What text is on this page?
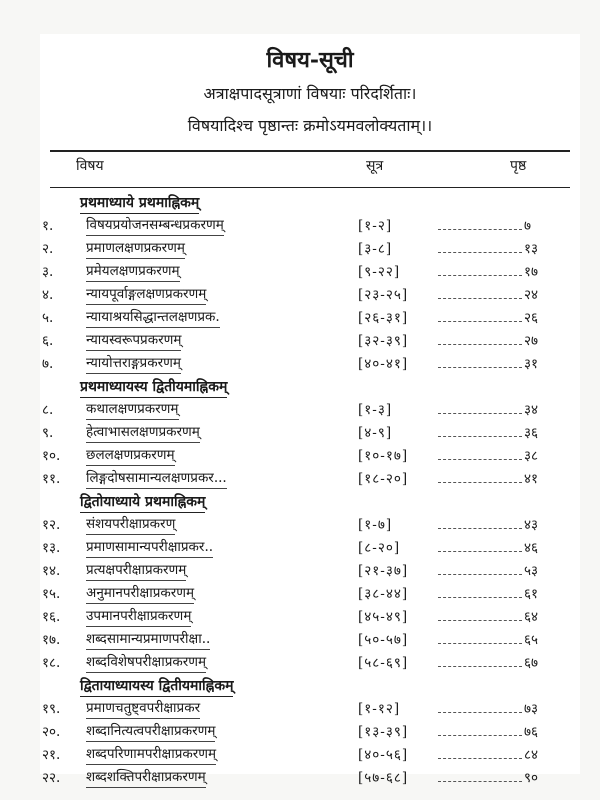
विषय-सूची
अत्राक्षपादसूत्राणां विषयाः परिदर्शिताः।
विषयादिश्च पृष्ठान्तः क्रमोऽयमवलोक्यताम्।।
विषय	सूत्र	पृष्ठ
प्रथमाध्याये प्रथमाह्निकम्
१.	विषयप्रयोजनसम्बन्धप्रकरणम्	[१-२]	७
२.	प्रमाणलक्षणप्रकरणम्	[३-८]	१३
३.	प्रमेयलक्षणप्रकरणम्	[९-२२]	१७
४.	न्यायपूर्वाङ्गलक्षणप्रकरणम्	[२३-२५]	२४
५.	न्यायाश्रयसिद्धान्तलक्षणप्रक.	[२६-३१]	२६
६.	न्यायस्वरूपप्रकरणम्	[३२-३९]	२७
७.	न्यायोत्तराङ्गप्रकरणम्	[४०-४१]	३१
प्रथमाध्यायस्य द्वितीयमाह्निकम्
८.	कथालक्षणप्रकरणम्	[१-३]	३४
९.	हेत्वाभासलक्षणप्रकरणम्	[४-९]	३६
१०.	छललक्षणप्रकरणम्	[१०-१७]	३८
११.	लिङ्गदोषसामान्यलक्षणप्रकर...	[१८-२०]	४१
द्वितोयाध्याये प्रथमाह्निकम्
१२.	संशयपरीक्षाप्रकरण्	[१-७]	४३
१३.	प्रमाणसामान्यपरीक्षाप्रकर..	[८-२०]	४६
१४.	प्रत्यक्षपरीक्षाप्रकरणम्	[२१-३७]	५३
१५.	अनुमानपरीक्षाप्रकरणम्	[३८-४४]	६१
१६.	उपमानपरीक्षाप्रकरणम्	[४५-४९]	६४
१७.	शब्दसामान्यप्रमाणपरीक्षा..	[५०-५७]	६५
१८.	शब्दविशेषपरीक्षाप्रकरणम्	[५८-६९]	६७
द्वितायाध्यायस्य द्वितीयमाह्निकम्
१९.	प्रमाणचतुष्ट्वपरीक्षाप्रकर	[१-१२]	७३
२०.	शब्दानित्यत्वपरीक्षाप्रकरणम्	[१३-३९]	७६
२१.	शब्दपरिणामपरीक्षाप्रकरणम्	[४०-५६]	८४
२२.	शब्दशक्तिपरीक्षाप्रकरणम्	[५७-६८]	९०
